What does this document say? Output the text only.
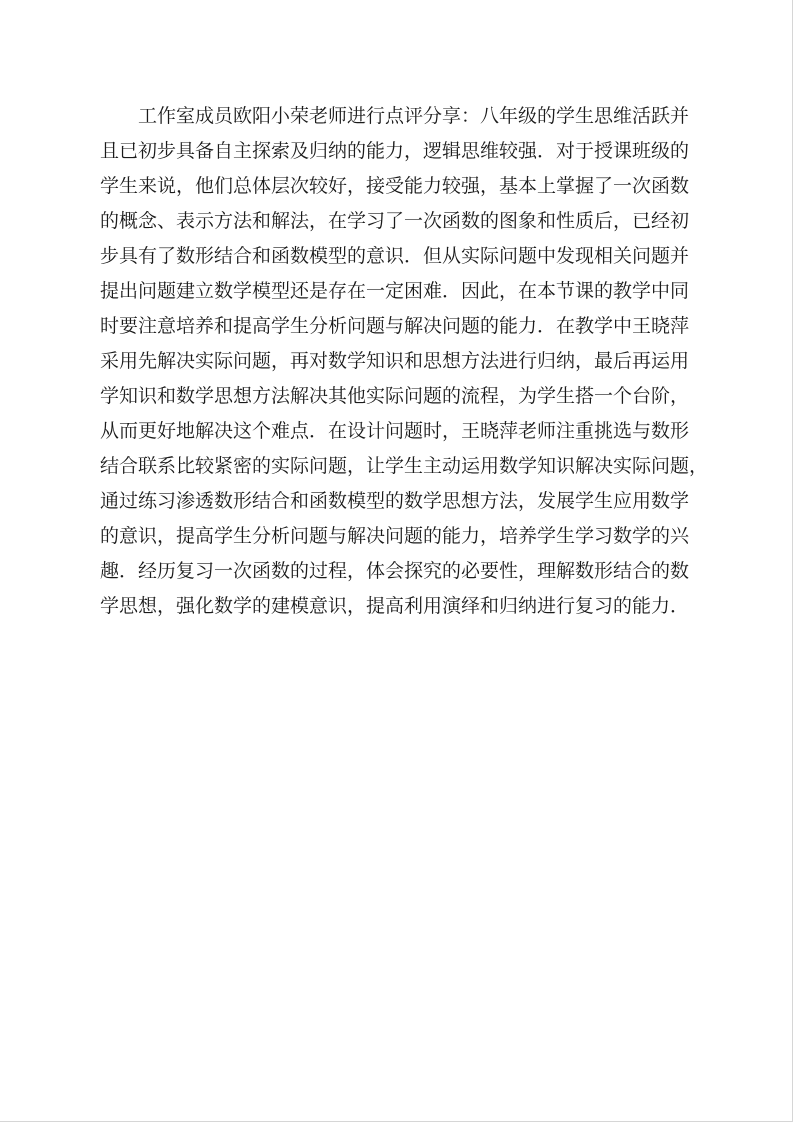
工作室成员欧阳小荣老师进行点评分享：八年级的学生思维活跃并
且已初步具备自主探索及归纳的能力，逻辑思维较强．对于授课班级的
学生来说，他们总体层次较好，接受能力较强，基本上掌握了一次函数
的概念、表示方法和解法，在学习了一次函数的图象和性质后，已经初
步具有了数形结合和函数模型的意识．但从实际问题中发现相关问题并
提出问题建立数学模型还是存在一定困难．因此，在本节课的教学中同
时要注意培养和提高学生分析问题与解决问题的能力．在教学中王晓萍
采用先解决实际问题，再对数学知识和思想方法进行归纳，最后再运用
学知识和数学思想方法解决其他实际问题的流程，为学生搭一个台阶，
从而更好地解决这个难点．在设计问题时，王晓萍老师注重挑选与数形
结合联系比较紧密的实际问题，让学生主动运用数学知识解决实际问题，
通过练习渗透数形结合和函数模型的数学思想方法，发展学生应用数学
的意识，提高学生分析问题与解决问题的能力，培养学生学习数学的兴
趣．经历复习一次函数的过程，体会探究的必要性，理解数形结合的数
学思想，强化数学的建模意识，提高利用演绎和归纳进行复习的能力．
